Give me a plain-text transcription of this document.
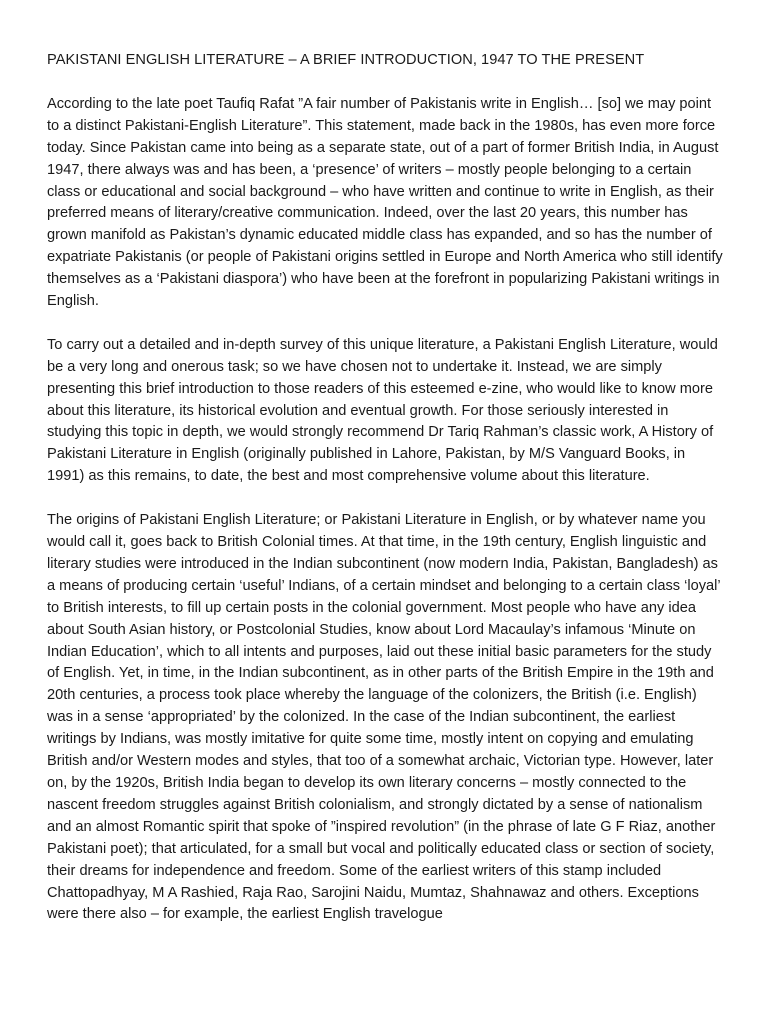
PAKISTANI ENGLISH LITERATURE – A BRIEF INTRODUCTION, 1947 TO THE PRESENT

According to the late poet Taufiq Rafat ”A fair number of Pakistanis write in English… [so] we may point to a distinct Pakistani-English Literature”. This statement, made back in the 1980s, has even more force today. Since Pakistan came into being as a separate state, out of a part of former British India, in August 1947, there always was and has been, a ‘presence’ of writers – mostly people belonging to a certain class or educational and social background – who have written and continue to write in English, as their preferred means of literary/creative communication. Indeed, over the last 20 years, this number has grown manifold as Pakistan’s dynamic educated middle class has expanded, and so has the number of expatriate Pakistanis (or people of Pakistani origins settled in Europe and North America who still identify themselves as a ‘Pakistani diaspora’) who have been at the forefront in popularizing Pakistani writings in English.

To carry out a detailed and in-depth survey of this unique literature, a Pakistani English Literature, would be a very long and onerous task; so we have chosen not to undertake it. Instead, we are simply presenting this brief introduction to those readers of this esteemed e-zine, who would like to know more about this literature, its historical evolution and eventual growth. For those seriously interested in studying this topic in depth, we would strongly recommend Dr Tariq Rahman’s classic work, A History of Pakistani Literature in English (originally published in Lahore, Pakistan, by M/S Vanguard Books, in 1991) as this remains, to date, the best and most comprehensive volume about this literature.

The origins of Pakistani English Literature; or Pakistani Literature in English, or by whatever name you would call it, goes back to British Colonial times. At that time, in the 19th century, English linguistic and literary studies were introduced in the Indian subcontinent (now modern India, Pakistan, Bangladesh) as a means of producing certain ‘useful’ Indians, of a certain mindset and belonging to a certain class ‘loyal’ to British interests, to fill up certain posts in the colonial government. Most people who have any idea about South Asian history, or Postcolonial Studies, know about Lord Macaulay’s infamous ‘Minute on Indian Education’, which to all intents and purposes, laid out these initial basic parameters for the study of English. Yet, in time, in the Indian subcontinent, as in other parts of the British Empire in the 19th and 20th centuries, a process took place whereby the language of the colonizers, the British (i.e. English) was in a sense ‘appropriated’ by the colonized. In the case of the Indian subcontinent, the earliest writings by Indians, was mostly imitative for quite some time, mostly intent on copying and emulating British and/or Western modes and styles, that too of a somewhat archaic, Victorian type. However, later on, by the 1920s, British India began to develop its own literary concerns – mostly connected to the nascent freedom struggles against British colonialism, and strongly dictated by a sense of nationalism and an almost Romantic spirit that spoke of ”inspired revolution” (in the phrase of late G F Riaz, another Pakistani poet); that articulated, for a small but vocal and politically educated class or section of society, their dreams for independence and freedom. Some of the earliest writers of this stamp included Chattopadhyay, M A Rashied, Raja Rao, Sarojini Naidu, Mumtaz, Shahnawaz and others. Exceptions were there also – for example, the earliest English travelogue
